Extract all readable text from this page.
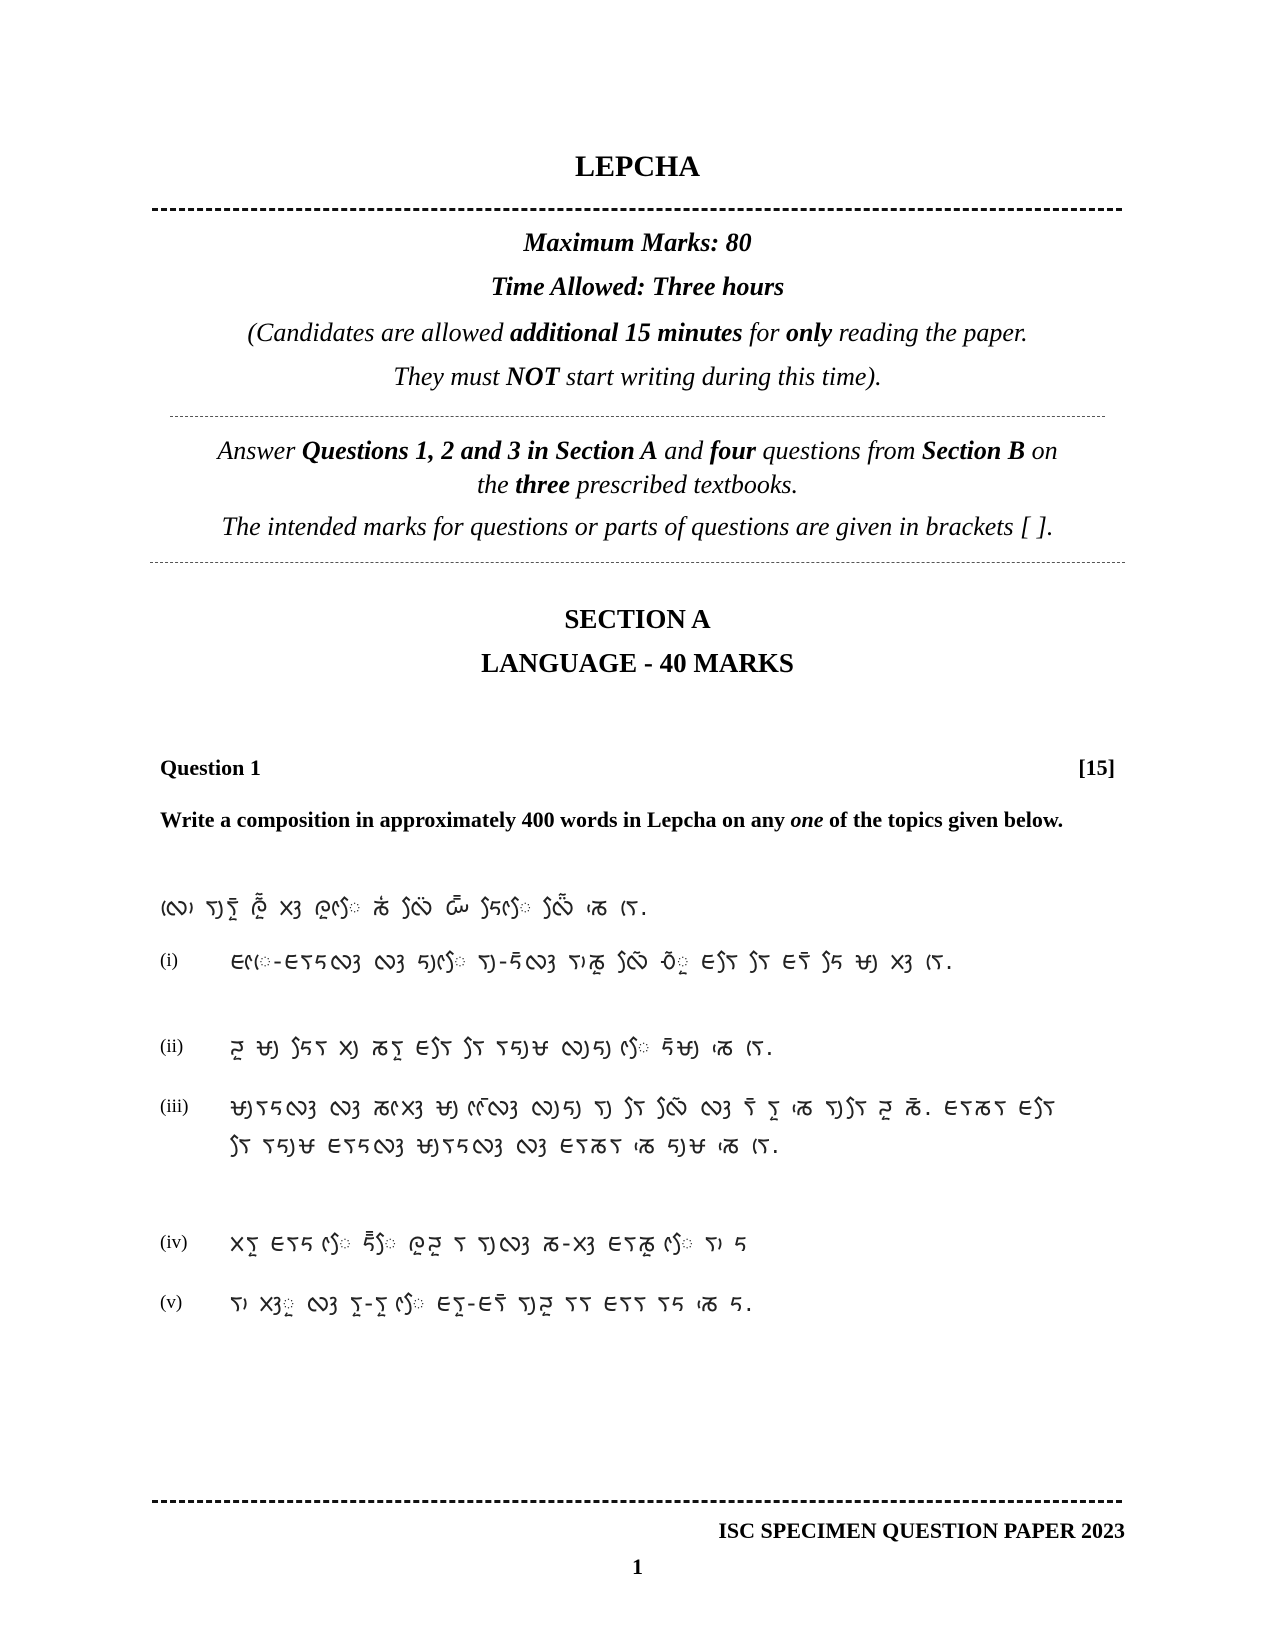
LEPCHA
Maximum Marks: 80
Time Allowed: Three hours
(Candidates are allowed additional 15 minutes for only reading the paper.
They must NOT start writing during this time).
Answer Questions 1, 2 and 3 in Section A and four questions from Section B on
the three prescribed textbooks.
The intended marks for questions or parts of questions are given in brackets [ ].
SECTION A
LANGUAGE - 40 MARKS
Question 1	[15]
Write a composition in approximately 400 words in Lepcha on any one of the topics given below.
ᰜᰥᰨ ᰛᰪᰛᰬᰳ ᰍᰬᰶᰶ ᰞᰫ ᰍᰬᰦᰧ ᰕᰭ ᰜᰧᰮ ᰠᰳᰳ ᰁᰧᰦᰧ ᰜᰧᰮᰶ ᰕᰵ ᰛᰨ.
(i) ᰀᰦᰨ-ᰀᰛᰁᰜᰫ ᰜᰫ ᰁᰪᰦᰧ ᰛᰪ-ᰁᰳᰜᰫ ᰛᰥᰕᰬ ᰜᰧᰶ ᰆᰶᰬ ᰀᰛᰧ ᰛᰧ ᰀᰛᰳ ᰁᰧ ᰝᰪ ᰞᰫ ᰛᰨ.
(ii) ᰎᰬ ᰝᰪ ᰁᰧᰛ ᰞᰪ ᰕᰛᰬ ᰀᰛᰧ ᰛᰧ ᰛᰁᰪᰝ ᰜᰪᰁᰪ ᰦᰧ ᰁᰳᰝᰪ ᰕᰵ ᰛᰨ.
(iii) ᰝᰪᰛᰁᰜᰫ ᰜᰫ ᰕᰦᰞᰫ ᰝᰪ ᰦᰦᰳᰜᰫ ᰜᰪᰁᰪ ᰛᰪ ᰛᰧ ᰜᰧᰶ ᰜᰫ ᰛᰳ ᰛᰬ ᰕᰵ ᰛᰪᰛᰧ ᰎᰬ ᰕᰳ. ᰀᰛᰕᰛ ᰀᰛᰧ ᰛᰧ ᰛᰁᰪᰝ ᰀᰛᰁᰜᰫ ᰝᰪᰛᰁᰜᰫ ᰜᰫ ᰀᰛᰕᰛ ᰕᰵ ᰁᰪᰝ ᰕᰵ ᰛᰨ.
(iv) ᰞᰛᰬ ᰀᰛᰁ ᰦᰧ ᰁᰳᰳᰧ ᰍᰬᰎᰬ ᰛ ᰛᰪᰜᰫ ᰕ-ᰞᰫ ᰀᰛᰕᰬ ᰦᰧ ᰛᰥ ᰁ
(v) ᰛᰥ ᰞᰫᰬ ᰜᰫ ᰛᰬ-ᰛᰬ ᰦᰧ ᰀᰛᰬ-ᰀᰛᰳ ᰛᰪᰎᰬ ᰛᰛ ᰀᰛᰛ ᰛᰁ ᰕᰵ ᰁ.
ISC SPECIMEN QUESTION PAPER 2023
1
